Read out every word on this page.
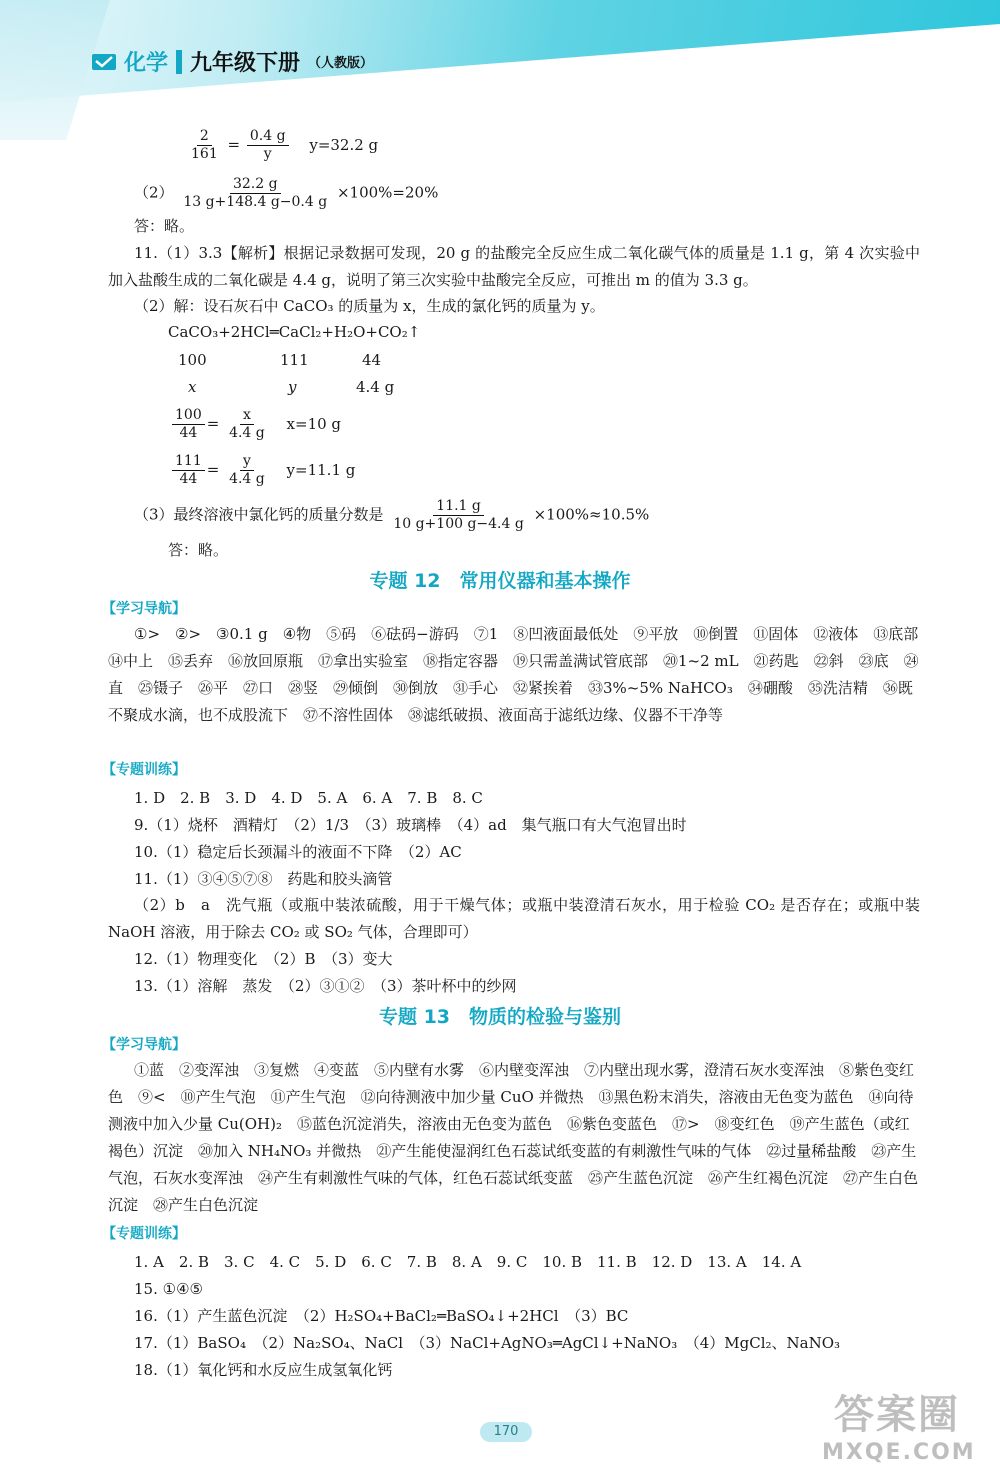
化学 九年级下册 （人教版）
$\frac{2}{161} = \frac{0.4 g}{y} y=32.2$ g
$(2) \frac{32.2 g}{13 g+148.4 g-0.4 g} \times 100\%=20\%$
答：略。
11.（1）3.3【解析】根据记录数据可发现，20 g 的盐酸完全反应生成二氧化碳气体的质量是 1.1 g，第 4 次实验中加入盐酸生成的二氧化碳是 4.4 g，说明了第三次实验中盐酸完全反应，可推出 m 的值为 3.3 g。
（2）解：设石灰石中 CaCO₃ 的质量为 x，生成的氯化钙的质量为 y。
CaCO₃+2HCl═CaCl₂+H₂O+CO₂↑
100	111	44
x	y	4.4 g
$\frac{100}{44} = \frac{x}{4.4 g} x=10$ g
$\frac{111}{44} = \frac{y}{4.4 g} y=11.1$ g
（3）最终溶液中氯化钙的质量分数是 $\frac{11.1 g}{10 g+100 g-4.4 g} \times 100\%\approx 10.5\%$
答：略。
专题 12　常用仪器和基本操作
【学习导航】
①>　②>　③0.1 g　④物　⑤码　⑥砝码−游码　⑦1　⑧凹液面最低处　⑨平放　⑩倒置　⑪固体　⑫液体　⑬底部　⑭中上　⑮丢弃　⑯放回原瓶　⑰拿出实验室　⑱指定容器　⑲只需盖满试管底部　⑳1~2 mL　㉑药匙　㉒斜　㉓底　㉔直　㉕镊子　㉖平　㉗口　㉘竖　㉙倾倒　㉚倒放　㉛手心　㉜紧挨着　㉝3%~5% NaHCO₃　㉞硼酸　㉟洗洁精　㊱既不聚成水滴，也不成股流下　㊲不溶性固体　㊳滤纸破损、液面高于滤纸边缘、仪器不干净等
【专题训练】
1. D　2. B　3. D　4. D　5. A　6. A　7. B　8. C
9.（1）烧杯　酒精灯　（2）1/3　（3）玻璃棒　（4）ad　集气瓶口有大气泡冒出时
10.（1）稳定后长颈漏斗的液面不下降　（2）AC
11.（1）③④⑤⑦⑧　药匙和胶头滴管
（2）b　a　洗气瓶（或瓶中装浓硫酸，用于干燥气体；或瓶中装澄清石灰水，用于检验 CO₂ 是否存在；或瓶中装 NaOH 溶液，用于除去 CO₂ 或 SO₂ 气体，合理即可）
12.（1）物理变化　（2）B　（3）变大
13.（1）溶解　蒸发　（2）③①②　（3）茶叶杯中的纱网
专题 13　物质的检验与鉴别
【学习导航】
①蓝　②变浑浊　③复燃　④变蓝　⑤内壁有水雾　⑥内壁变浑浊　⑦内壁出现水雾，澄清石灰水变浑浊　⑧紫色变红色　⑨<　⑩产生气泡　⑪产生气泡　⑫向待测液中加少量 CuO 并微热　⑬黑色粉末消失，溶液由无色变为蓝色　⑭向待测液中加入少量 Cu(OH)₂　⑮蓝色沉淀消失，溶液由无色变为蓝色　⑯紫色变蓝色　⑰>　⑱变红色　⑲产生蓝色（或红褐色）沉淀　⑳加入 NH₄NO₃ 并微热　㉑产生能使湿润红色石蕊试纸变蓝的有刺激性气味的气体　㉒过量稀盐酸　㉓产生气泡，石灰水变浑浊　㉔产生有刺激性气味的气体，红色石蕊试纸变蓝　㉕产生蓝色沉淀　㉖产生红褐色沉淀　㉗产生白色沉淀　㉘产生白色沉淀
【专题训练】
1. A　2. B　3. C　4. C　5. D　6. C　7. B　8. A　9. C　10. B　11. B　12. D　13. A　14. A
15. ①④⑤
16.（1）产生蓝色沉淀　（2）H₂SO₄+BaCl₂═BaSO₄↓+2HCl　（3）BC
17.（1）BaSO₄　（2）Na₂SO₄、NaCl　（3）NaCl+AgNO₃═AgCl↓+NaNO₃　（4）MgCl₂、NaNO₃
18.（1）氧化钙和水反应生成氢氧化钙
170	答案圈
MXQE.COM
